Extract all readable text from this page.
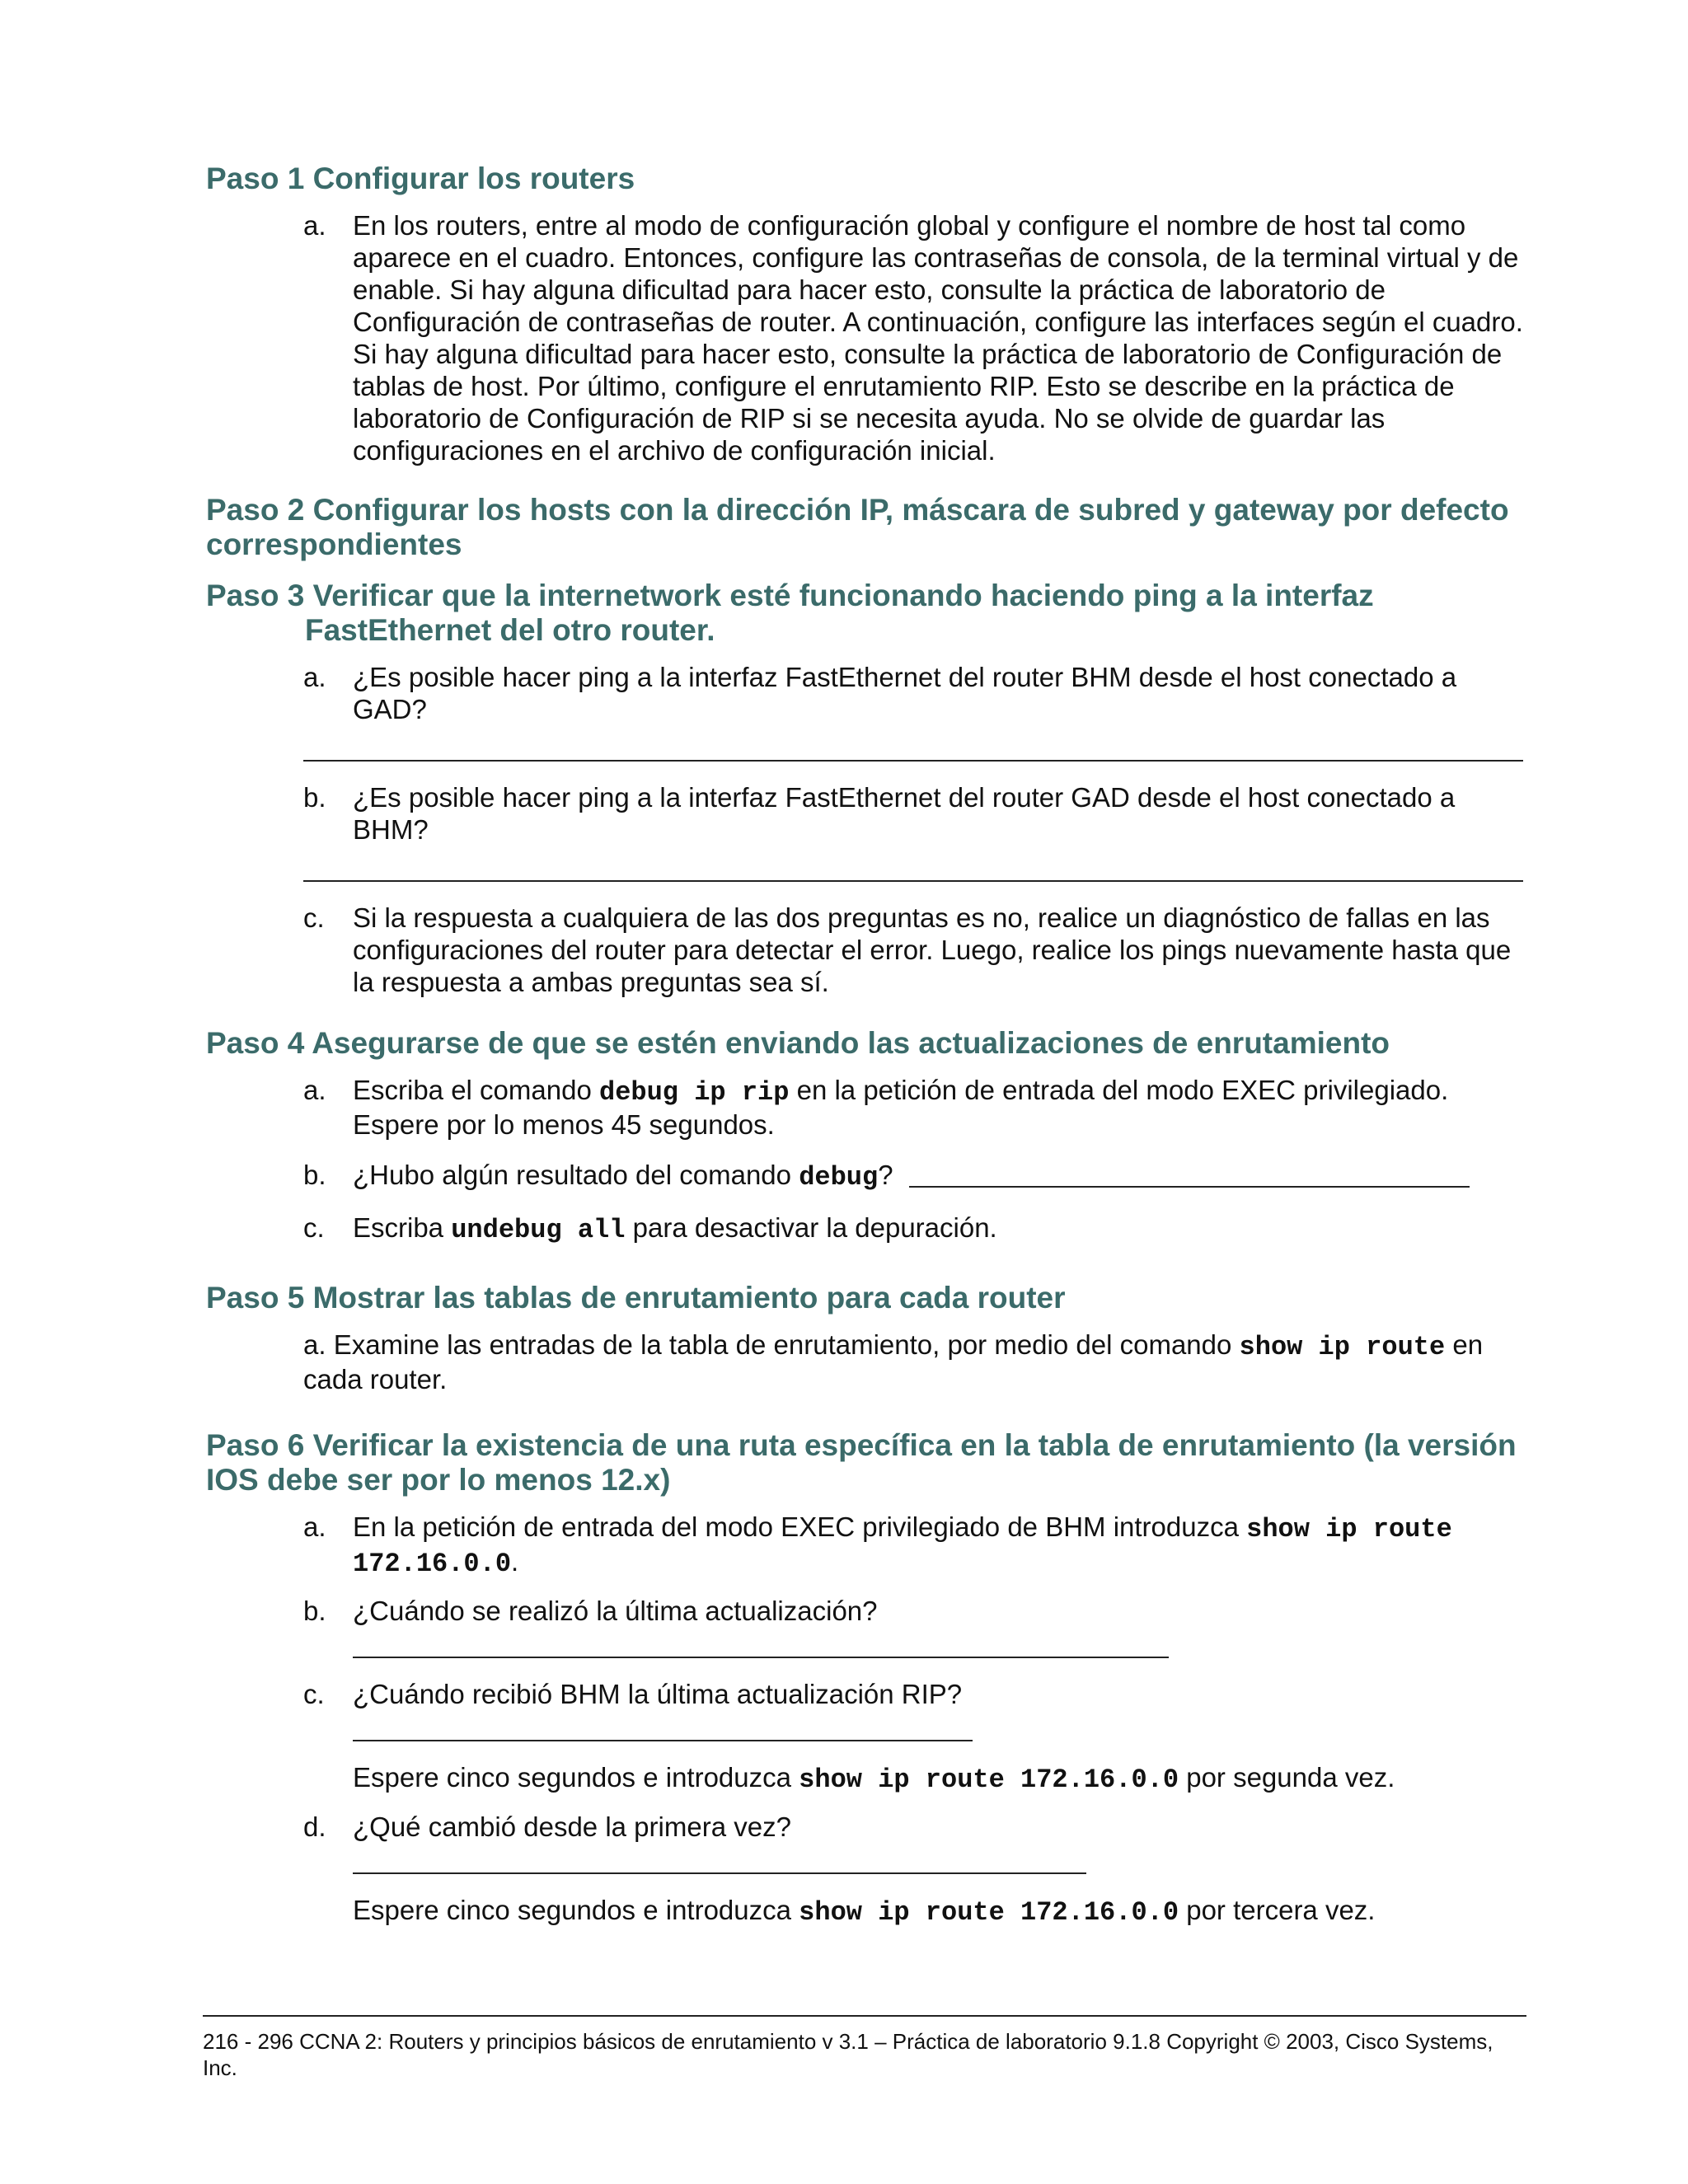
Paso 1 Configurar los routers
a. En los routers, entre al modo de configuración global y configure el nombre de host tal como aparece en el cuadro. Entonces, configure las contraseñas de consola, de la terminal virtual y de enable. Si hay alguna dificultad para hacer esto, consulte la práctica de laboratorio de Configuración de contraseñas de router. A continuación, configure las interfaces según el cuadro. Si hay alguna dificultad para hacer esto, consulte la práctica de laboratorio de Configuración de tablas de host. Por último, configure el enrutamiento RIP. Esto se describe en la práctica de laboratorio de Configuración de RIP si se necesita ayuda. No se olvide de guardar las configuraciones en el archivo de configuración inicial.
Paso 2 Configurar los hosts con la dirección IP, máscara de subred y gateway por defecto correspondientes
Paso 3 Verificar que la internetwork esté funcionando haciendo ping a la interfaz FastEthernet del otro router.
a. ¿Es posible hacer ping a la interfaz FastEthernet del router BHM desde el host conectado a GAD?
b. ¿Es posible hacer ping a la interfaz FastEthernet del router GAD desde el host conectado a BHM?
c. Si la respuesta a cualquiera de las dos preguntas es no, realice un diagnóstico de fallas en las configuraciones del router para detectar el error. Luego, realice los pings nuevamente hasta que la respuesta a ambas preguntas sea sí.
Paso 4 Asegurarse de que se estén enviando las actualizaciones de enrutamiento
a. Escriba el comando debug ip rip en la petición de entrada del modo EXEC privilegiado. Espere por lo menos 45 segundos.
b. ¿Hubo algún resultado del comando debug?
c. Escriba undebug all para desactivar la depuración.
Paso 5 Mostrar las tablas de enrutamiento para cada router
a. Examine las entradas de la tabla de enrutamiento, por medio del comando show ip route en cada router.
Paso 6 Verificar la existencia de una ruta específica en la tabla de enrutamiento (la versión IOS debe ser por lo menos 12.x)
a. En la petición de entrada del modo EXEC privilegiado de BHM introduzca show ip route 172.16.0.0.
b. ¿Cuándo se realizó la última actualización?
c. ¿Cuándo recibió BHM la última actualización RIP?
Espere cinco segundos e introduzca show ip route 172.16.0.0 por segunda vez.
d. ¿Qué cambió desde la primera vez?
Espere cinco segundos e introduzca show ip route 172.16.0.0 por tercera vez.
216 - 296 CCNA 2: Routers y principios básicos de enrutamiento v 3.1 – Práctica de laboratorio 9.1.8 Copyright © 2003, Cisco Systems, Inc.
